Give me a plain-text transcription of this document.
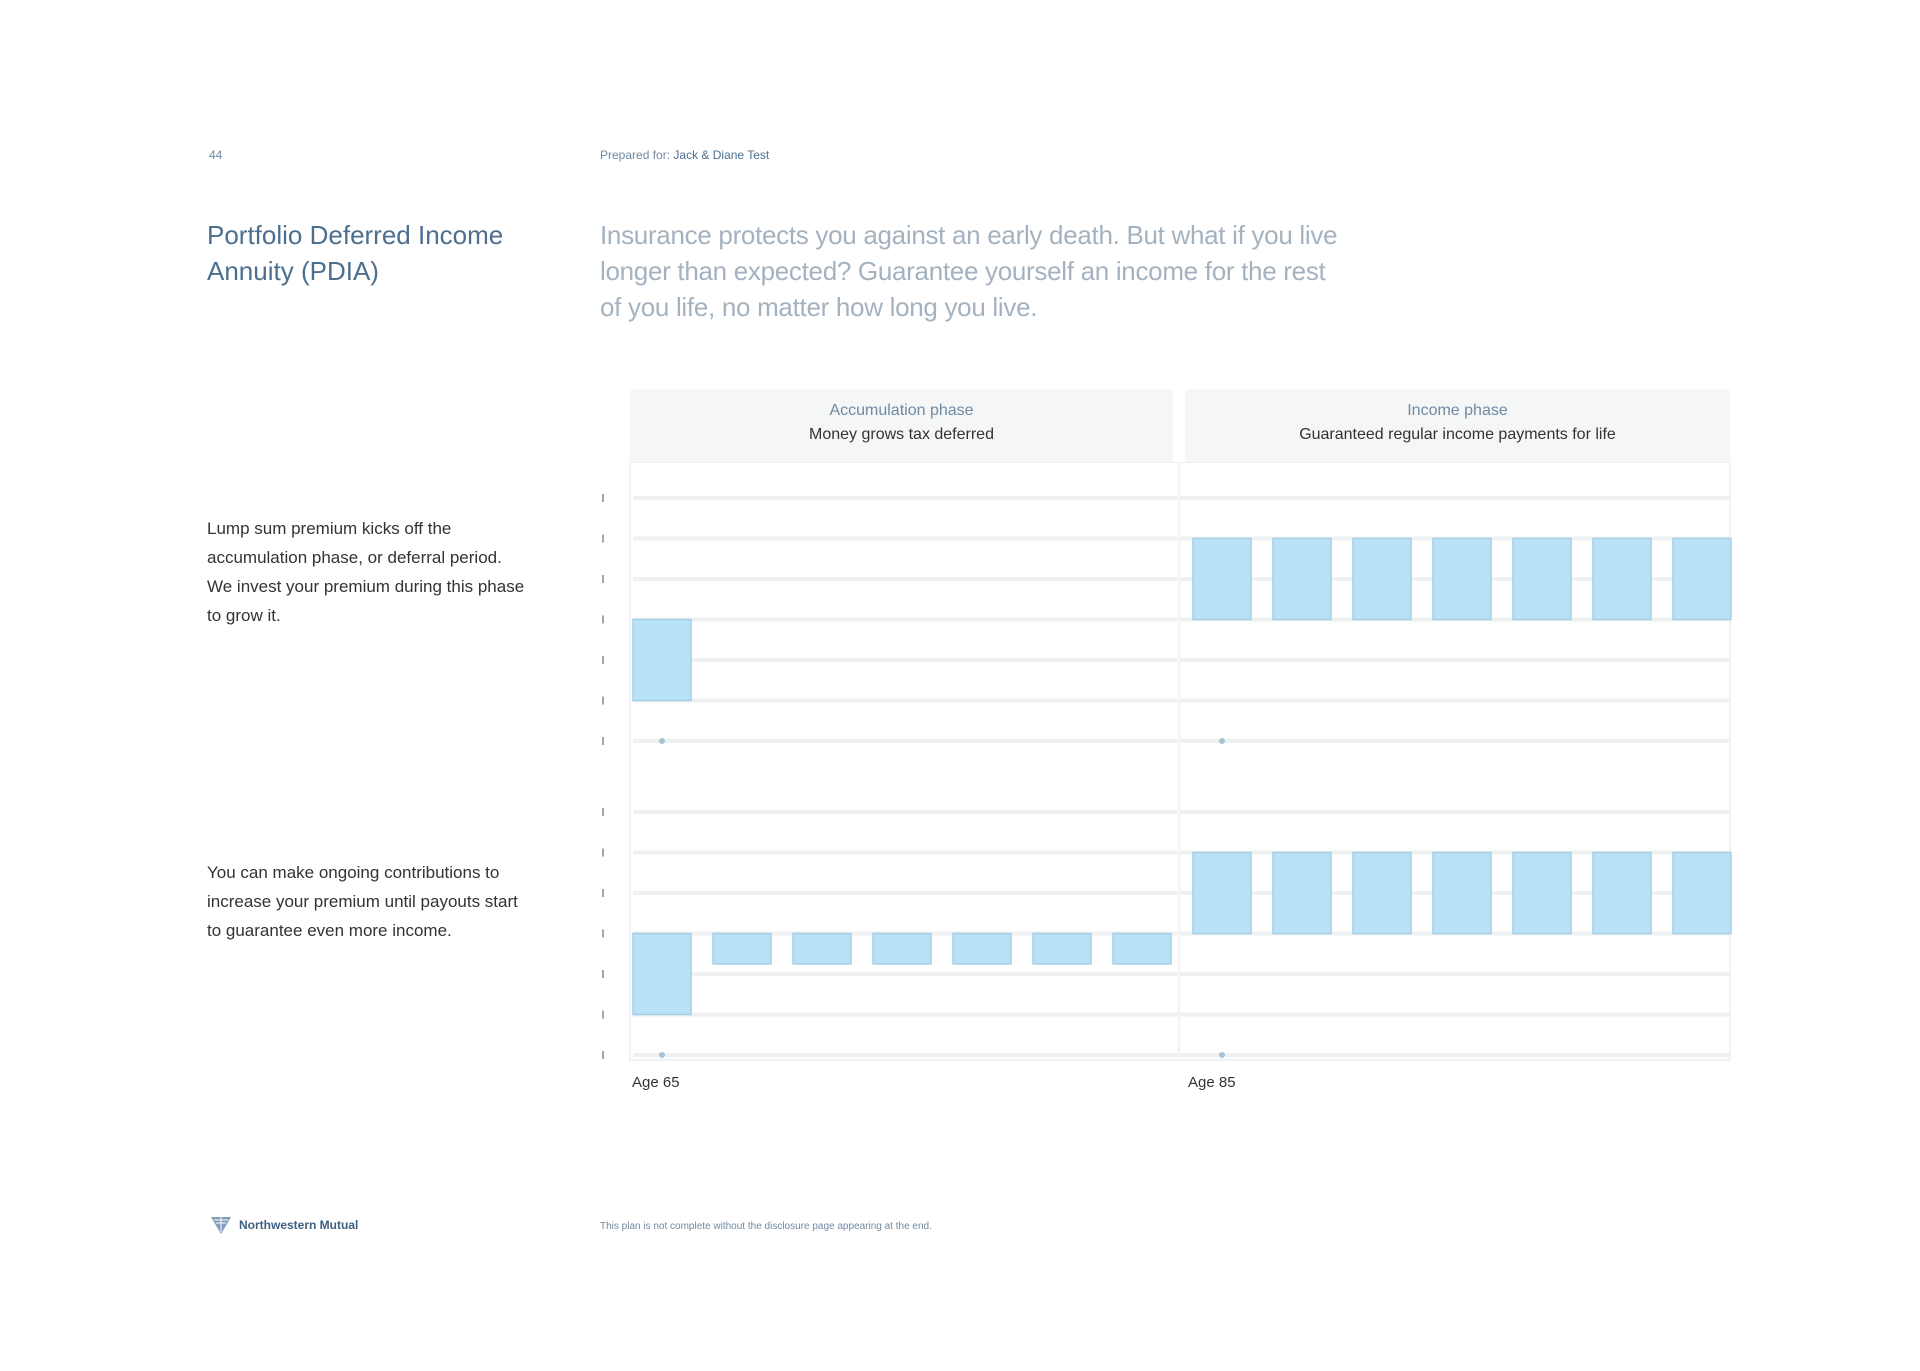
44	Prepared for: Jack & Diane Test
Portfolio Deferred Income Annuity (PDIA)
Insurance protects you against an early death. But what if you live longer than expected? Guarantee yourself an income for the rest of you life, no matter how long you live.
Lump sum premium kicks off the accumulation phase, or deferral period. We invest your premium during this phase to grow it.
You can make ongoing contributions to increase your premium until payouts start to guarantee even more income.
Accumulation phase
Money grows tax deferred
Income phase
Guaranteed regular income payments for life
Age 65	Age 85
Northwestern Mutual	This plan is not complete without the disclosure page appearing at the end.
